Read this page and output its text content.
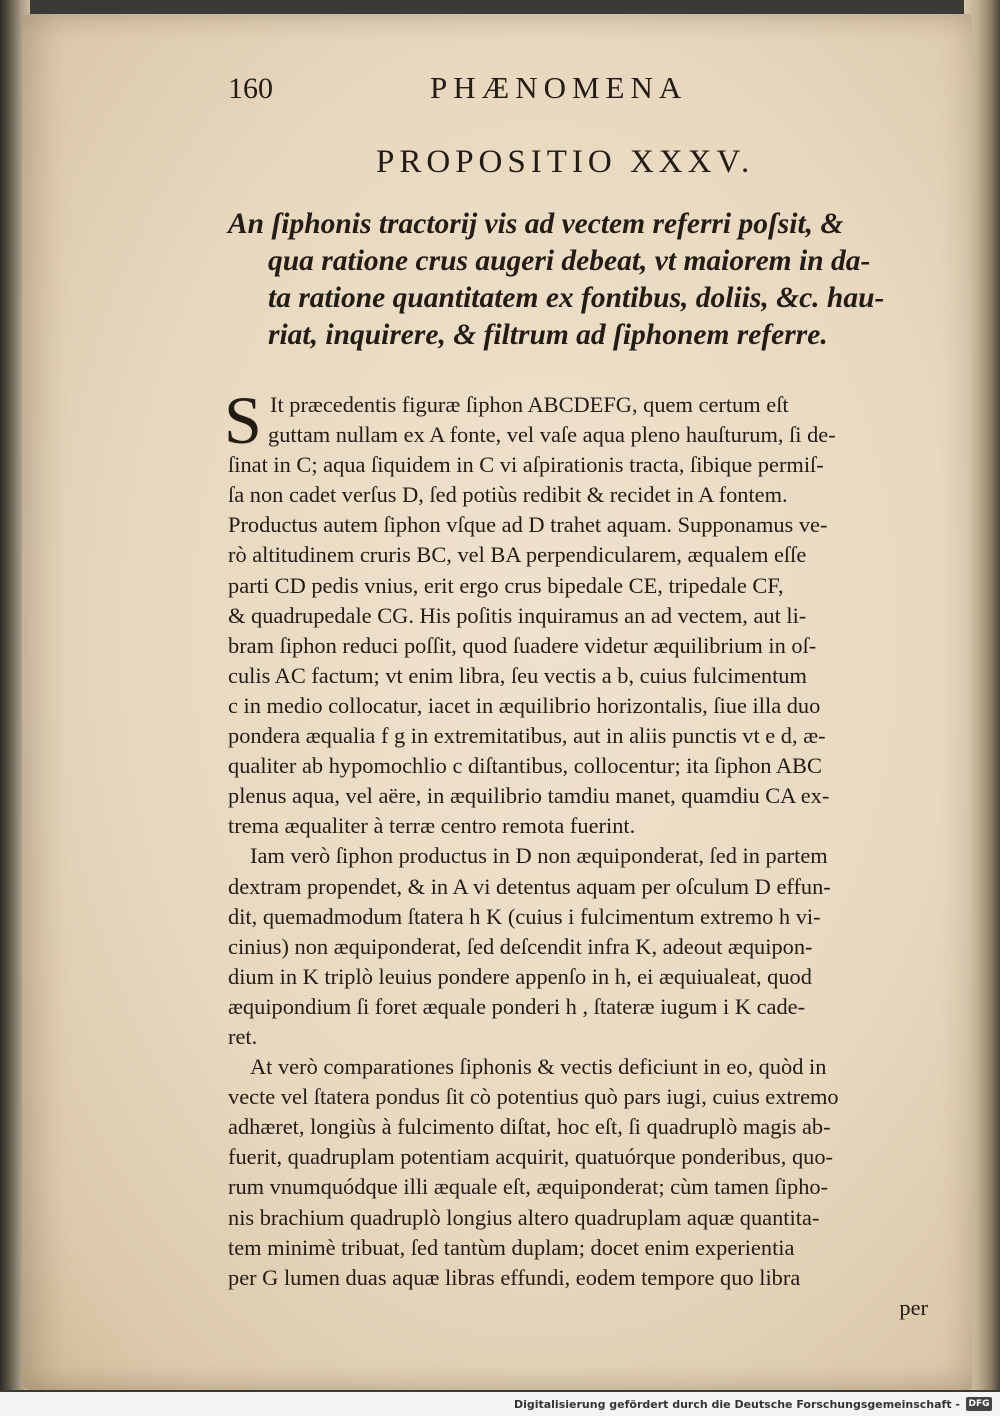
160	PHÆNOMENA
PROPOSITIO XXXV.
An ſiphonis tractorij vis ad vectem referri poſsit, &
qua ratione crus augeri debeat, vt maiorem in da-
ta ratione quantitatem ex fontibus, doliis, &c. hau-
riat, inquirere, & filtrum ad ſiphonem referre.
S It præcedentis figuræ ſiphon ABCDEFG, quem certum eſt
guttam nullam ex A fonte, vel vaſe aqua pleno hauſturum, ſi de-
ſinat in C; aqua ſiquidem in C vi aſpirationis tracta, ſibique permiſ-
ſa non cadet verſus D, ſed potiùs redibit & recidet in A fontem.
Productus autem ſiphon vſque ad D trahet aquam. Supponamus ve-
rò altitudinem cruris BC, vel BA perpendicularem, æqualem eſſe
parti CD pedis vnius, erit ergo crus bipedale CE, tripedale CF,
& quadrupedale CG. His poſitis inquiramus an ad vectem, aut li-
bram ſiphon reduci poſſit, quod ſuadere videtur æquilibrium in oſ-
culis AC factum; vt enim libra, ſeu vectis a b, cuius fulcimentum
c in medio collocatur, iacet in æquilibrio horizontalis, ſiue illa duo
pondera æqualia f g in extremitatibus, aut in aliis punctis vt e d, æ-
qualiter ab hypomochlio c diſtantibus, collocentur; ita ſiphon ABC
plenus aqua, vel aëre, in æquilibrio tamdiu manet, quamdiu CA ex-
trema æqualiter à terræ centro remota fuerint.
Iam verò ſiphon productus in D non æquiponderat, ſed in partem
dextram propendet, & in A vi detentus aquam per oſculum D effun-
dit, quemadmodum ſtatera h K (cuius i fulcimentum extremo h vi-
cinius) non æquiponderat, ſed deſcendit infra K, adeout æquipon-
dium in K triplò leuius pondere appenſo in h, ei æquiualeat, quod
æquipondium ſi foret æquale ponderi h , ſtateræ iugum i K cade-
ret.
At verò comparationes ſiphonis & vectis deficiunt in eo, quòd in
vecte vel ſtatera pondus ſit cò potentius quò pars iugi, cuius extremo
adhæret, longiùs à fulcimento diſtat, hoc eſt, ſi quadruplò magis ab-
fuerit, quadruplam potentiam acquirit, quatuórque ponderibus, quo-
rum vnumquódque illi æquale eſt, æquiponderat; cùm tamen ſipho-
nis brachium quadruplò longius altero quadruplam aquæ quantita-
tem minimè tribuat, ſed tantùm duplam; docet enim experientia
per G lumen duas aquæ libras effundi, eodem tempore quo libra
per
Digitalisierung gefördert durch die Deutsche Forschungsgemeinschaft - DFG
